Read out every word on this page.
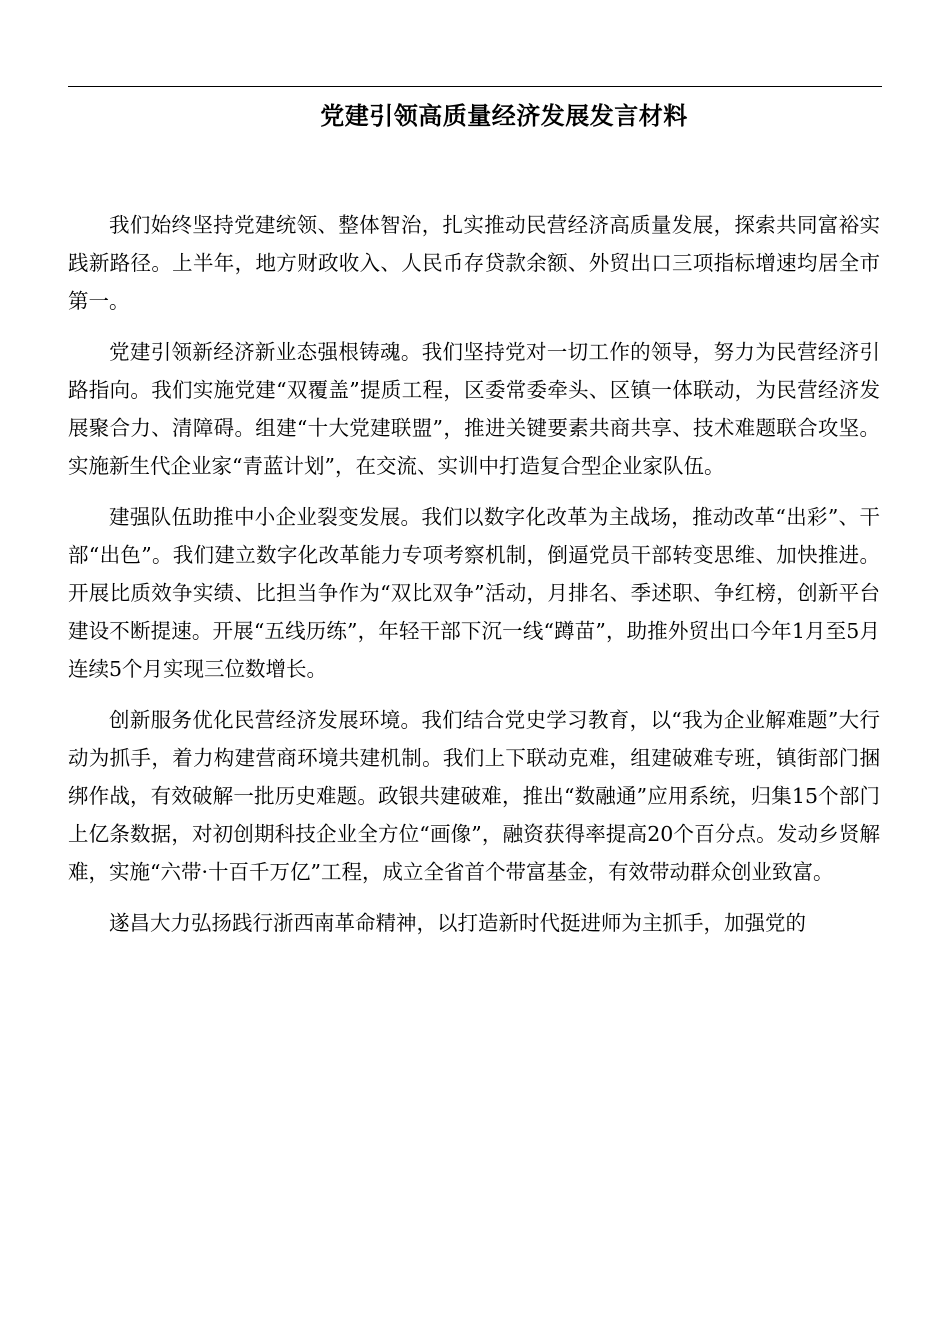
党建引领高质量经济发展发言材料

我们始终坚持党建统领、整体智治，扎实推动民营经济高质量发展，探索共同富裕实践新路径。上半年，地方财政收入、人民币存贷款余额、外贸出口三项指标增速均居全市第一。

党建引领新经济新业态强根铸魂。我们坚持党对一切工作的领导，努力为民营经济引路指向。我们实施党建“双覆盖”提质工程，区委常委牵头、区镇一体联动，为民营经济发展聚合力、清障碍。组建“十大党建联盟”，推进关键要素共商共享、技术难题联合攻坚。实施新生代企业家“青蓝计划”，在交流、实训中打造复合型企业家队伍。

建强队伍助推中小企业裂变发展。我们以数字化改革为主战场，推动改革“出彩”、干部“出色”。我们建立数字化改革能力专项考察机制，倒逼党员干部转变思维、加快推进。开展比质效争实绩、比担当争作为“双比双争”活动，月排名、季述职、争红榜，创新平台建设不断提速。开展“五线历练”，年轻干部下沉一线“蹲苗”，助推外贸出口今年1月至5月连续5个月实现三位数增长。

创新服务优化民营经济发展环境。我们结合党史学习教育，以“我为企业解难题”大行动为抓手，着力构建营商环境共建机制。我们上下联动克难，组建破难专班，镇街部门捆绑作战，有效破解一批历史难题。政银共建破难，推出“数融通”应用系统，归集15个部门上亿条数据，对初创期科技企业全方位“画像”，融资获得率提高20个百分点。发动乡贤解难，实施“六带·十百千万亿”工程，成立全省首个带富基金，有效带动群众创业致富。

遂昌大力弘扬践行浙西南革命精神，以打造新时代挺进师为主抓手，加强党的
